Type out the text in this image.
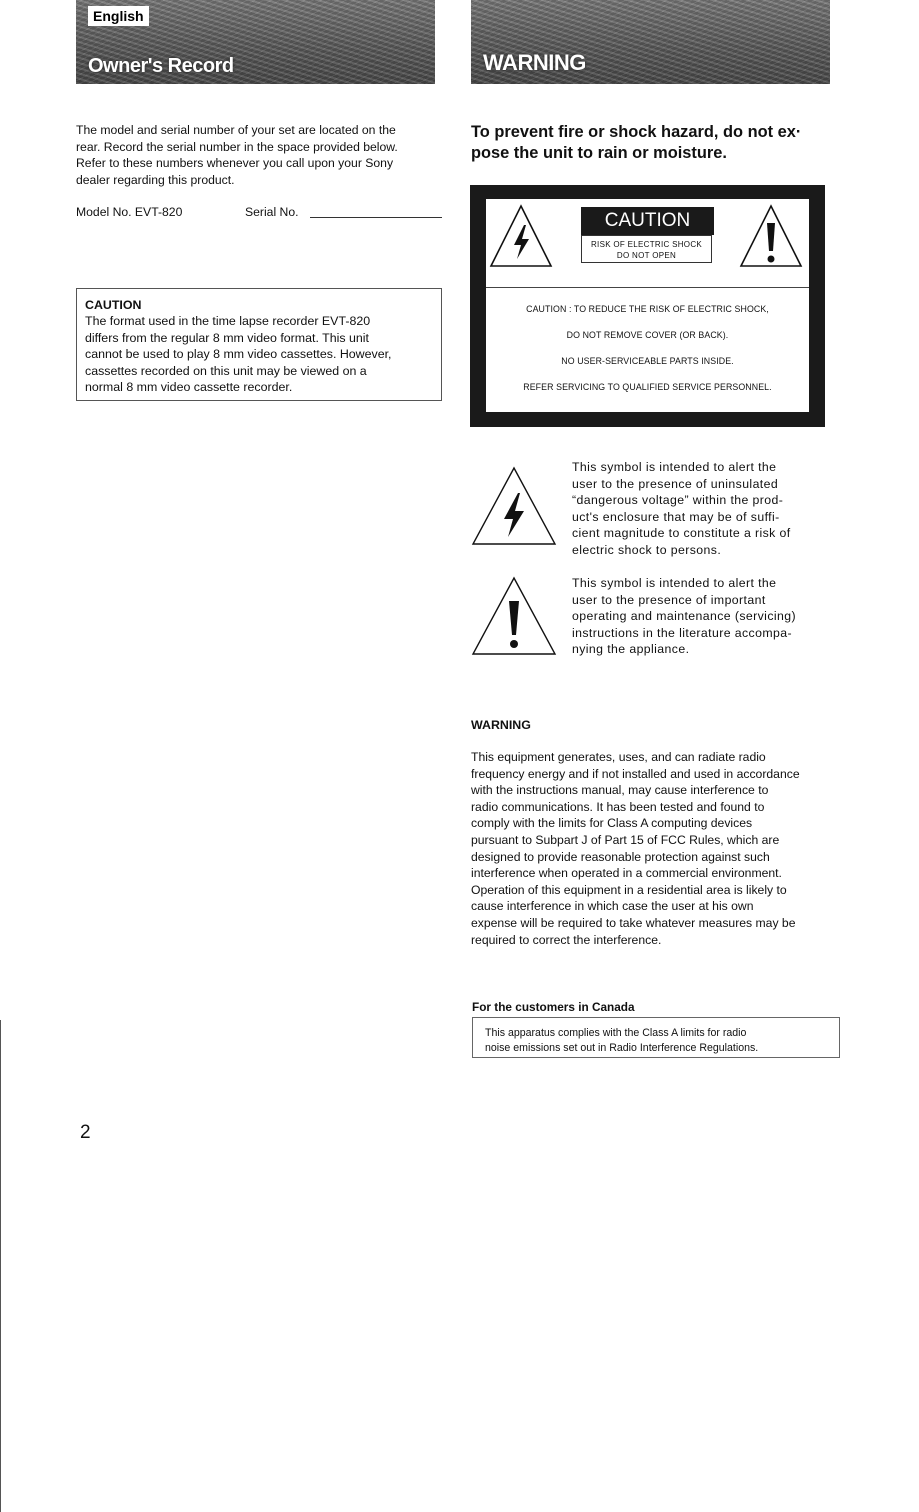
English
Owner's Record	WARNING
The model and serial number of your set are located on the
rear. Record the serial number in the space provided below.
Refer to these numbers whenever you call upon your Sony
dealer regarding this product.
Model No. EVT-820	Serial No.
CAUTION
The format used in the time lapse recorder EVT-820
differs from the regular 8 mm video format. This unit
cannot be used to play 8 mm video cassettes. However,
cassettes recorded on this unit may be viewed on a
normal 8 mm video cassette recorder.
To prevent fire or shock hazard, do not ex·
pose the unit to rain or moisture.
CAUTION
RISK OF ELECTRIC SHOCK
DO NOT OPEN
CAUTION : TO REDUCE THE RISK OF ELECTRIC SHOCK,
DO NOT REMOVE COVER (OR BACK).
NO USER-SERVICEABLE PARTS INSIDE.
REFER SERVICING TO QUALIFIED SERVICE PERSONNEL.
This symbol is intended to alert the
user to the presence of uninsulated
“dangerous voltage” within the prod-
uct's enclosure that may be of suffi-
cient magnitude to constitute a risk of
electric shock to persons.
This symbol is intended to alert the
user to the presence of important
operating and maintenance (servicing)
instructions in the literature accompa-
nying the appliance.
WARNING
This equipment generates, uses, and can radiate radio
frequency energy and if not installed and used in accordance
with the instructions manual, may cause interference to
radio communications. It has been tested and found to
comply with the limits for Class A computing devices
pursuant to Subpart J of Part 15 of FCC Rules, which are
designed to provide reasonable protection against such
interference when operated in a commercial environment.
Operation of this equipment in a residential area is likely to
cause interference in which case the user at his own
expense will be required to take whatever measures may be
required to correct the interference.
For the customers in Canada
This apparatus complies with the Class A limits for radio
noise emissions set out in Radio Interference Regulations.
2
